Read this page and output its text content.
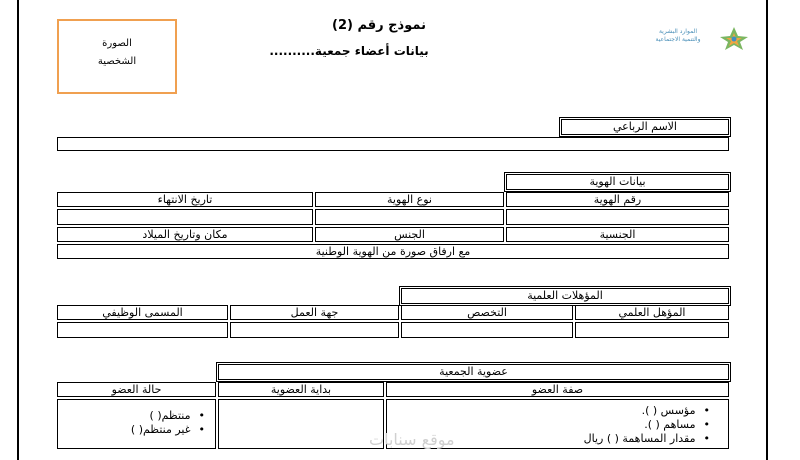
الصورة
الشخصية
الموارد البشرية
والتنمية الاجتماعية
نموذج رقم (2)
بيانات أعضاء جمعية..........
الاسم الرباعي
بيانات الهوية
رقم الهوية
نوع الهوية
تاريخ الانتهاء
الجنسية
الجنس
مكان وتاريخ الميلاد
مع ارفاق صورة من الهوية الوطنية
المؤهلات العلمية
المؤهل العلمي
التخصص
جهة العمل
المسمى الوظيفي
عضوية الجمعية
صفة العضو
بداية العضوية
حالة العضو
• مؤسس ( ).
• مساهم ( ).
• مقدار المساهمة ( ) ريال
• منتظم( )
• غير منتظم( )
موقع سنابات
